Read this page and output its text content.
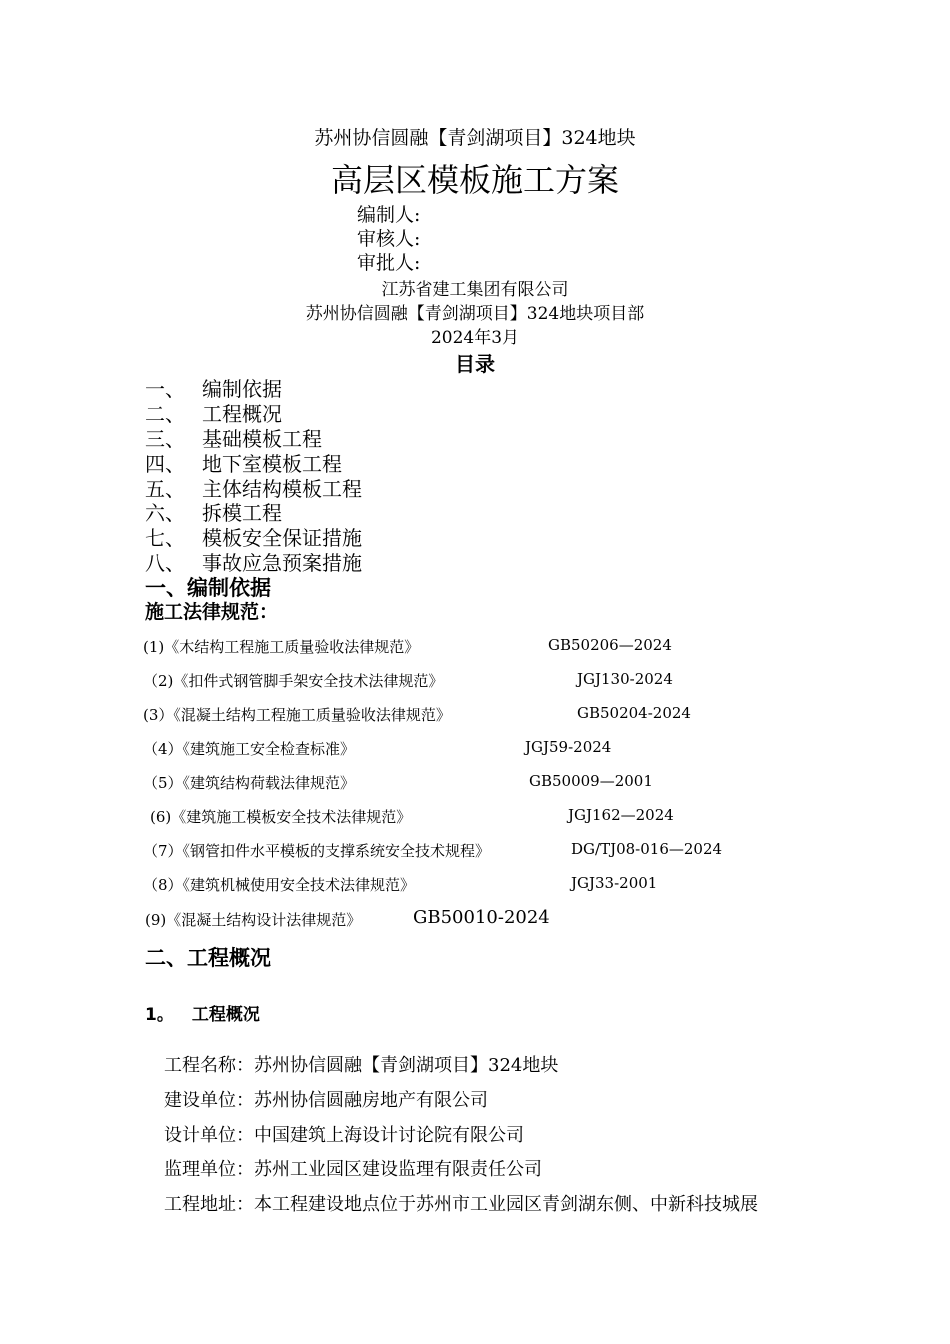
苏州协信圆融【青剑湖项目】324地块
高层区模板施工方案
编制人:
审核人:
审批人:
江苏省建工集团有限公司
苏州协信圆融【青剑湖项目】324地块项目部
2024年3月
目录
一、 编制依据
二、 工程概况
三、 基础模板工程
四、 地下室模板工程
五、 主体结构模板工程
六、 拆模工程
七、 模板安全保证措施
八、 事故应急预案措施
一、编制依据
施工法律规范：
(1)《木结构工程施工质量验收法律规范》	GB50206—2024
（2)《扣件式钢管脚手架安全技术法律规范》	JGJ130-2024
(3）《混凝土结构工程施工质量验收法律规范》	GB50204-2024
（4）《建筑施工安全检查标准》	JGJ59-2024
（5）《建筑结构荷载法律规范》	GB50009—2001
(6)《建筑施工模板安全技术法律规范》	JGJ162—2024
（7）《钢管扣件水平模板的支撑系统安全技术规程》	DG/TJ08-016—2024
（8）《建筑机械使用安全技术法律规范》	JGJ33-2001
(9)《混凝土结构设计法律规范》	GB50010-2024
二、工程概况
1。 工程概况
工程名称：苏州协信圆融【青剑湖项目】324地块
建设单位：苏州协信圆融房地产有限公司
设计单位：中国建筑上海设计讨论院有限公司
监理单位：苏州工业园区建设监理有限责任公司
工程地址：本工程建设地点位于苏州市工业园区青剑湖东侧、中新科技城展
